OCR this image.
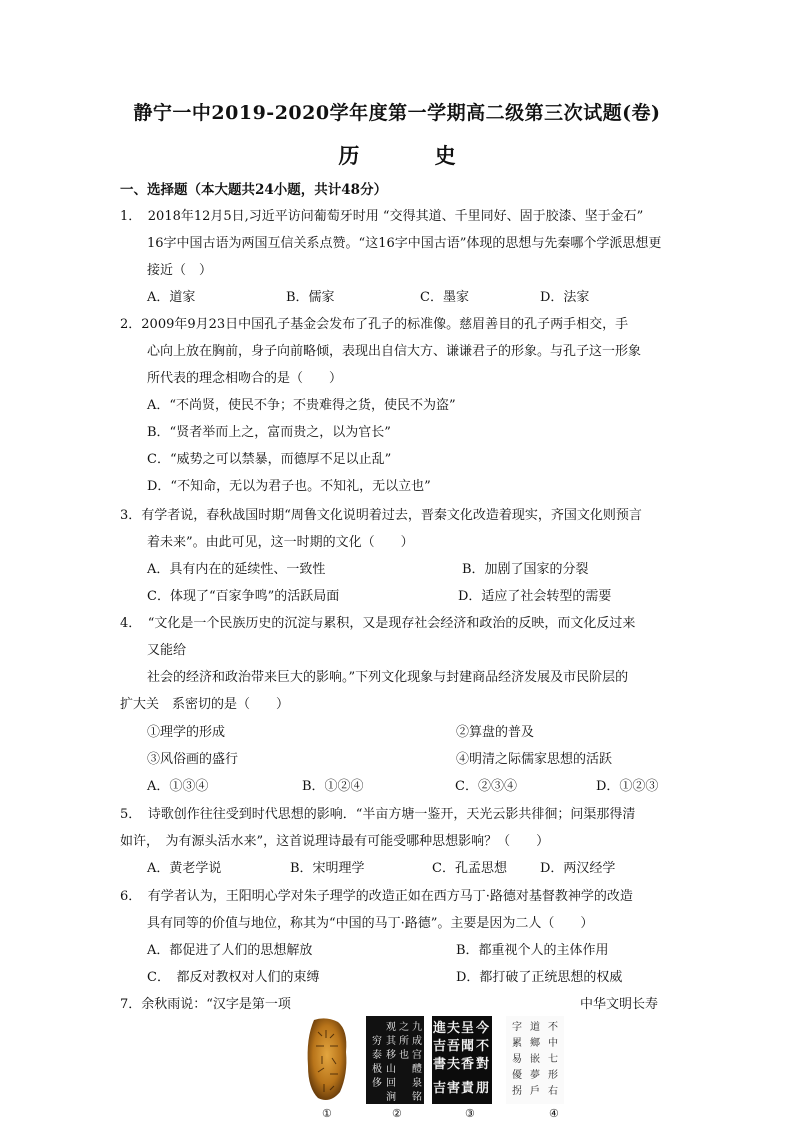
静宁一中2019-2020学年度第一学期高二级第三次试题(卷)
历 史
一、选择题（本大题共24小题，共计48分）
1．　2018年12月5日,习近平访问葡萄牙时用 “交得其道、千里同好、固于胶漆、坚于金石”
16字中国古语为两国互信关系点赞。“这16字中国古语”体现的思想与先秦哪个学派思想更
接近（　）
A．道家	B．儒家	C．墨家	D．法家
2．2009年9月23日中国孔子基金会发布了孔子的标准像。慈眉善目的孔子两手相交，手
心向上放在胸前，身子向前略倾，表现出自信大方、谦谦君子的形象。与孔子这一形象
所代表的理念相吻合的是（　　）
A．“不尚贤，使民不争；不贵难得之货，使民不为盗”
B．“贤者举而上之，富而贵之，以为官长”
C．“威势之可以禁暴，而德厚不足以止乱”
D．“不知命，无以为君子也。不知礼，无以立也”
3．有学者说，春秋战国时期“周鲁文化说明着过去，晋秦文化改造着现实，齐国文化则预言
着未来”。由此可见，这一时期的文化（　　）
A．具有内在的延续性、一致性	B．加剧了国家的分裂
C．体现了“百家争鸣”的活跃局面	D．适应了社会转型的需要
4．　“文化是一个民族历史的沉淀与累积，又是现存社会经济和政治的反映，而文化反过来
又能给
社会的经济和政治带来巨大的影响。”下列文化现象与封建商品经济发展及市民阶层的
扩大关　系密切的是（　　）
①理学的形成	②算盘的普及
③风俗画的盛行	④明清之际儒家思想的活跃
A．①③④	B．①②④	C．②③④	D．①②③
5．　诗歌创作往往受到时代思想的影响．“半亩方塘一鉴开，天光云影共徘徊；问渠那得清
如许，　为有源头活水来”，这首说理诗最有可能受哪种思想影响？（　　）
A．黄老学说	B．宋明理学	C．孔孟思想	D．两汉经学
6．　有学者认为，王阳明心学对朱子理学的改造正如在西方马丁·路德对基督教神学的改造
具有同等的价值与地位，称其为“中国的马丁·路德”。主要是因为二人（　　）
A．都促进了人们的思想解放	B．都重视个人的主体作用
C．　都反对教权对人们的束缚	D．都打破了正统思想的权威
7．余秋雨说：“汉字是第一项	中华文明长寿
九
成
宫
醴
泉
铭
之
所
也
观
其
移
山
回
涧
穷
泰
极
侈
今
不
對
呈
聞
香
夫
吾
夫
進
吉
書
朋
責
害
吉
不
中
七
形
右
道
鄉
嵌
夢
戶
字
累
易
優
拐
①	②	③	④
